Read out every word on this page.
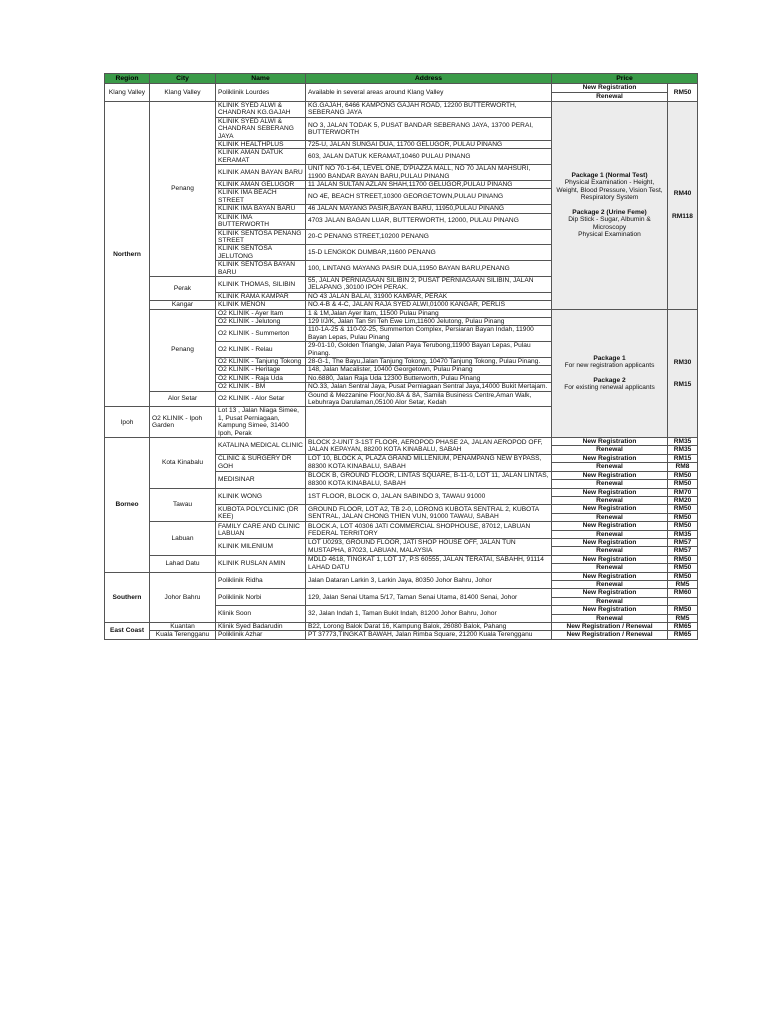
Region	City	Name	Address	Price	
Klang Valley	Klang Valley	Poliklinik Lourdes	Available in several areas around Klang Valley	New Registration	RM50
				Renewal	
Northern	Penang	KLINIK SYED ALWI & CHANDRAN KG.GAJAH	KG.GAJAH, 6466 KAMPONG GAJAH ROAD, 12200 BUTTERWORTH, SEBERANG JAYA	Package 1 (Normal Test)
Physical Examination - Height, Weight, Blood Pressure, Vision Test, Respiratory System

Package 2 (Urine Feme)
Dip Stick - Sugar, Albumin & Microscopy
Physical Examination	RM40

RM118

		KLINIK SYED ALWI & CHANDRAN SEBERANG JAYA	NO 3, JALAN TODAK 5, PUSAT BANDAR SEBERANG JAYA, 13700 PERAI, BUTTERWORTH		
		KLINIK HEALTHPLUS	725-U, JALAN SUNGAI DUA, 11700 GELUGOR, PULAU PINANG		
		KLINIK AMAN DATUK KERAMAT	603, JALAN DATUK KERAMAT,10460 PULAU PINANG		
		KLINIK AMAN BAYAN BARU	UNIT NO 70-1-64, LEVEL ONE, D'PIAZZA MALL, NO 70 JALAN MAHSURI, 11900 BANDAR BAYAN BARU,PULAU PINANG		
		KLINIK AMAN GELUGOR	11 JALAN SULTAN AZLAN SHAH,11700 GELUGOR,PULAU PINANG		
		KLINIK IMA BEACH STREET	NO 4E, BEACH STREET,10300 GEORGETOWN,PULAU PINANG		
		KLINIK IMA BAYAN BARU	46 JALAN MAYANG PASIR,BAYAN BARU, 11950,PULAU PINANG		
		KLINIK IMA BUTTERWORTH	4703 JALAN BAGAN LUAR, BUTTERWORTH, 12000, PULAU PINANG		
		KLINIK SENTOSA PENANG STREET	20-C PENANG STREET,10200 PENANG		
		KLINIK SENTOSA JELUTONG	15-D LENGKOK DUMBAR,11600 PENANG		
		KLINIK SENTOSA BAYAN BARU	100, LINTANG MAYANG PASIR DUA,11950 BAYAN BARU,PENANG		
	Perak	KLINIK THOMAS, SILIBIN	55, JALAN PERNIAGAAN SILIBIN 2, PUSAT PERNIAGAAN SILIBIN, JALAN JELAPANG ,30100 IPOH PERAK.		
		KLINIK RAMA KAMPAR	NO 43 JALAN BALAI, 31900 KAMPAR, PERAK		
	Kangar	KLINIK MENON	NO.4-B & 4-C, JALAN RAJA SYED ALWI,01000 KANGAR, PERLIS		
	Penang	O2 KLINIK - Ayer Itam	1 & 1M,Jalan Ayer Itam, 11500 Pulau Pinang	Package 1
For new registration applicants

Package 2
For existing renewal applicants	RM30

RM15

		O2 KLINIK - Jelutong	129 I/J/K, Jalan Tan Sri Teh Ewe Lim,11600 Jelutong, Pulau Pinang		
		O2 KLINIK - Summerton	110-1A-25 & 110-02-25, Summerton Complex, Persiaran Bayan Indah, 11900 Bayan Lepas, Pulau Pinang		
		O2 KLINIK - Relau	29-01-10, Golden Triangle, Jalan Paya Terubong,11900 Bayan Lepas, Pulau Pinang.		
		O2 KLINIK - Tanjung Tokong	28-G-1, The Bayu,Jalan Tanjung Tokong, 10470 Tanjung Tokong, Pulau Pinang.		
		O2 KLINIK - Heritage	148, Jalan Macalister, 10400 Georgetown, Pulau Pinang		
		O2 KLINIK - Raja Uda	No.6880, Jalan Raja Uda 12300 Butterworth, Pulau Pinang		
		O2 KLINIK - BM	NO.33, Jalan Sentral Jaya, Pusat Perniagaan Sentral Jaya,14000 Bukit Mertajam.		
	Alor Setar	O2 KLINIK - Alor Setar	Gound & Mezzanine Floor,No.8A & 8A, Samila Business Centre,Aman Walk, Lebuhraya Darulaman,05100 Alor Setar, Kedah		
Ipoh	O2 KLINIK - Ipoh Garden	Lot 13 , Jalan Niaga Simee, 1, Pusat Perniagaan, Kampung Simee, 31400 Ipoh, Perak			
Borneo	Kota Kinabalu	KATALINA MEDICAL CLINIC	BLOCK 2-UNIT 3-1ST FLOOR, AEROPOD PHASE 2A, JALAN AEROPOD OFF, JALAN KEPAYAN, 88200 KOTA KINABALU, SABAH	New Registration	RM35
				Renewal	RM35
		CLINIC & SURGERY DR GOH	LOT 10, BLOCK A, PLAZA GRAND MILLENIUM, PENAMPANG NEW BYPASS, 88300 KOTA KINABALU, SABAH	New Registration	RM15
				Renewal	RM8
		MEDISINAR	BLOCK B, GROUND FLOOR, LINTAS SQUARE, B-11-0, LOT 11, JALAN LINTAS, 88300 KOTA KINABALU, SABAH	New Registration	RM50
				Renewal	RM50
	Tawau	KLINIK WONG	1ST FLOOR, BLOCK O, JALAN SABINDO 3, TAWAU 91000	New Registration	RM70
				Renewal	RM20
		KUBOTA POLYCLINIC (DR KEE)	GROUND FLOOR, LOT A2, TB 2-0, LORONG KUBOTA SENTRAL 2, KUBOTA SENTRAL, JALAN CHONG THIEN VUN, 91000 TAWAU, SABAH	New Registration	RM50
				Renewal	RM50
	Labuan	FAMILY CARE AND CLINIC LABUAN	BLOCK.A, LOT 40306 JATI COMMERCIAL SHOPHOUSE, 87012, LABUAN FEDERAL TERRITORY	New Registration	RM50
				Renewal	RM35
		KLINIK MILENIUM	LOT U0293, GROUND FLOOR, JATI SHOP HOUSE OFF, JALAN TUN MUSTAPHA, 87023, LABUAN, MALAYSIA	New Registration	RM57
				Renewal	RM57
	Lahad Datu	KLINIK RUSLAN AMIN	MDLD 4618, TINGKAT 1, LOT 17, P.S 60555, JALAN TERATAI, SABAHH, 91114 LAHAD DATU	New Registration	RM50
				Renewal	RM50
Southern	Johor Bahru	Poliklinik Ridha	Jalan Dataran Larkin 3, Larkin Jaya, 80350 Johor Bahru, Johor	New Registration	RM50
				Renewal	RM5
		Poliklinik Norbi	129, Jalan Senai Utama 5/17, Taman Senai Utama, 81400 Senai, Johor	New Registration	RM60
				Renewal	
		Klinik Soon	32, Jalan Indah 1, Taman Bukit Indah, 81200 Johor Bahru, Johor	New Registration	RM50
				Renewal	RM5
East Coast	Kuantan	Klinik Syed Badarudin	B22, Lorong Balok Darat 16, Kampung Balok, 26080 Balok, Pahang	New Registration / Renewal	RM65
	Kuala Terengganu	Poliklinik Azhar	PT 37773,TINGKAT BAWAH, Jalan Rimba Square, 21200 Kuala Terengganu	New Registration / Renewal	RM65
